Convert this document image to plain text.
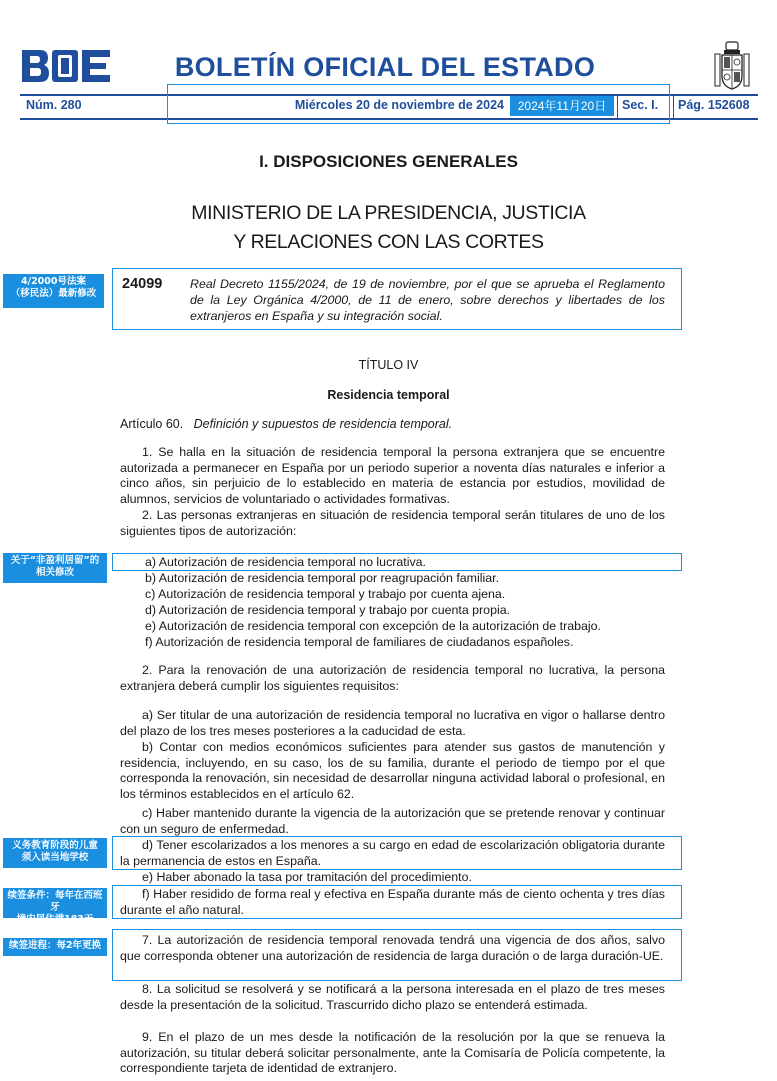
BOLETÍN OFICIAL DEL ESTADO
Núm. 280	Miércoles 20 de noviembre de 2024	2024年11月20日	Sec. I. Pág. 152608
I. DISPOSICIONES GENERALES
MINISTERIO DE LA PRESIDENCIA, JUSTICIA
Y RELACIONES CON LAS CORTES
4/2000号法案
（移民法）最新修改
24099 Real Decreto 1155/2024, de 19 de noviembre, por el que se aprueba el Reglamento de la Ley Orgánica 4/2000, de 11 de enero, sobre derechos y libertades de los extranjeros en España y su integración social.
TÍTULO IV
Residencia temporal
Artículo 60. Definición y supuestos de residencia temporal.
1. Se halla en la situación de residencia temporal la persona extranjera que se encuentre autorizada a permanecer en España por un periodo superior a noventa días naturales e inferior a cinco años, sin perjuicio de lo establecido en materia de estancia por estudios, movilidad de alumnos, servicios de voluntariado o actividades formativas.
2. Las personas extranjeras en situación de residencia temporal serán titulares de uno de los siguientes tipos de autorización:
关于“非盈利居留”的
相关修改
a) Autorización de residencia temporal no lucrativa.
b) Autorización de residencia temporal por reagrupación familiar.
c) Autorización de residencia temporal y trabajo por cuenta ajena.
d) Autorización de residencia temporal y trabajo por cuenta propia.
e) Autorización de residencia temporal con excepción de la autorización de trabajo.
f) Autorización de residencia temporal de familiares de ciudadanos españoles.
2. Para la renovación de una autorización de residencia temporal no lucrativa, la persona extranjera deberá cumplir los siguientes requisitos:
a) Ser titular de una autorización de residencia temporal no lucrativa en vigor o hallarse dentro del plazo de los tres meses posteriores a la caducidad de esta.
b) Contar con medios económicos suficientes para atender sus gastos de manutención y residencia, incluyendo, en su caso, los de su familia, durante el periodo de tiempo por el que corresponda la renovación, sin necesidad de desarrollar ninguna actividad laboral o profesional, en los términos establecidos en el artículo 62.
c) Haber mantenido durante la vigencia de la autorización que se pretende renovar y continuar con un seguro de enfermedad.
义务教育阶段的儿童
须入读当地学校
d) Tener escolarizados a los menores a su cargo en edad de escolarización obligatoria durante la permanencia de estos en España.
e) Haber abonado la tasa por tramitación del procedimiento.
续签条件：每年在西班牙
境内居住满183天
f) Haber residido de forma real y efectiva en España durante más de ciento ochenta y tres días durante el año natural.
续签进程：每2年更换	7. La autorización de residencia temporal renovada tendrá una vigencia de dos años, salvo que corresponda obtener una autorización de residencia de larga duración o de larga duración-UE.
8. La solicitud se resolverá y se notificará a la persona interesada en el plazo de tres meses desde la presentación de la solicitud. Trascurrido dicho plazo se entenderá estimada.
9. En el plazo de un mes desde la notificación de la resolución por la que se renueva la autorización, su titular deberá solicitar personalmente, ante la Comisaría de Policía competente, la correspondiente tarjeta de identidad de extranjero.
